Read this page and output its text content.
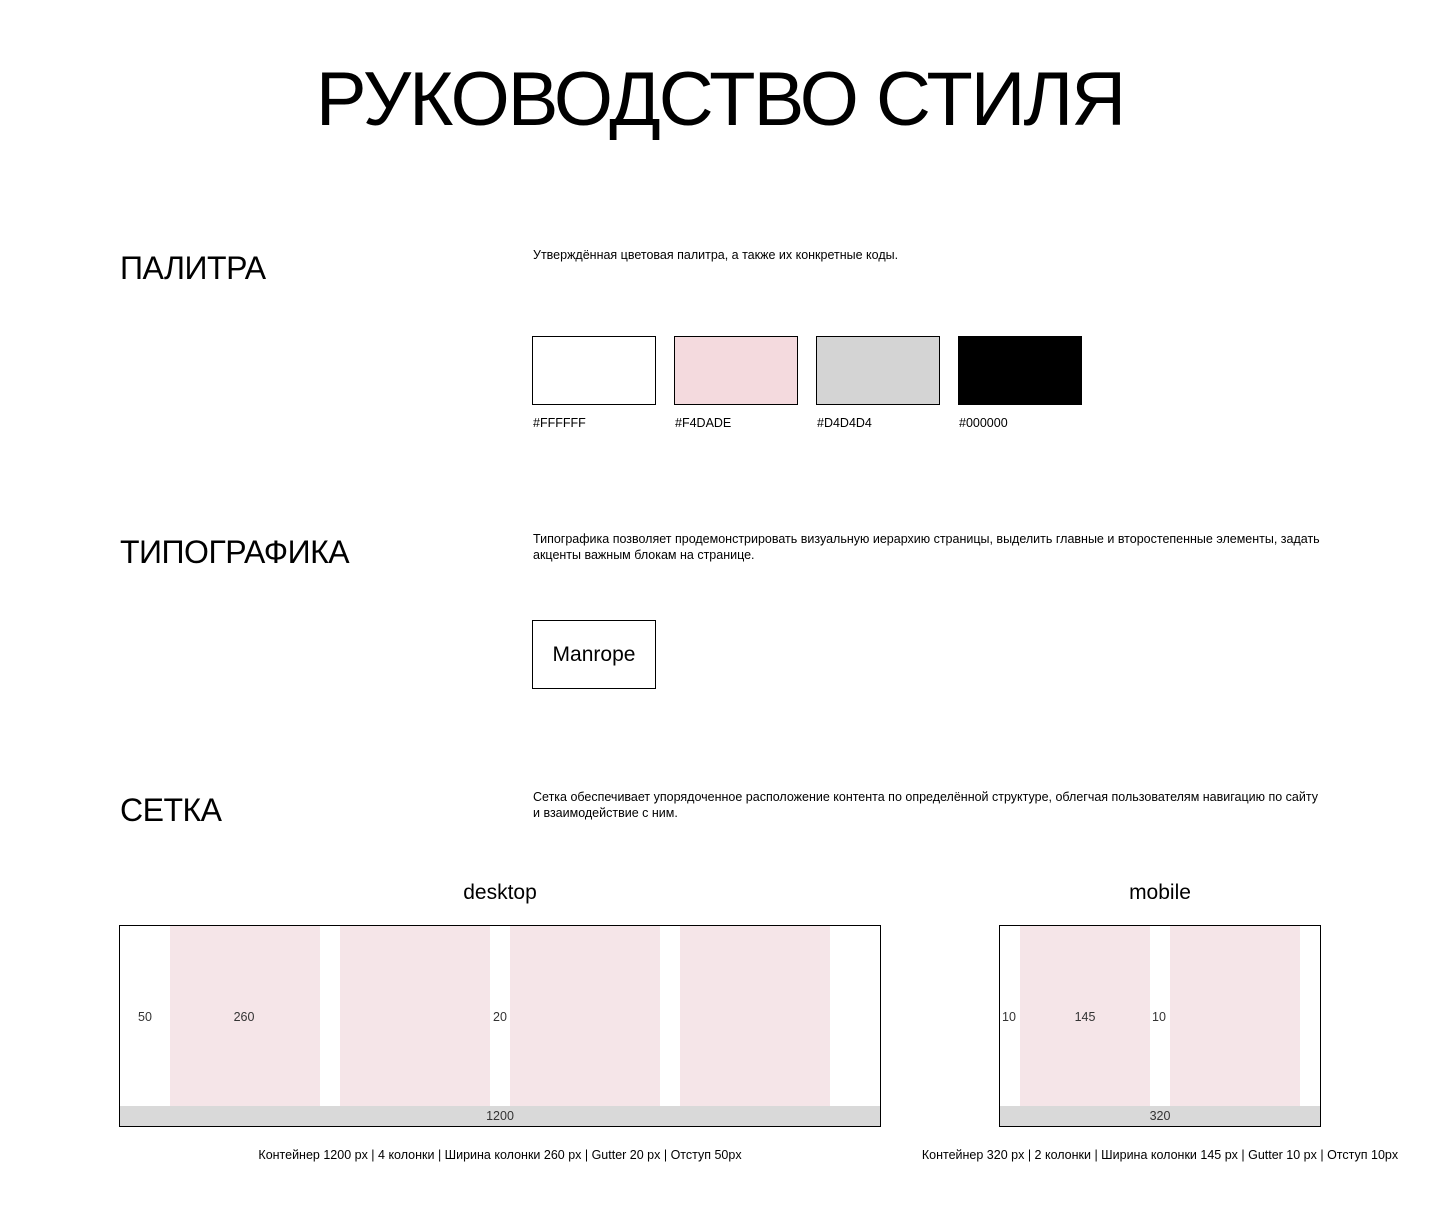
РУКОВОДСТВО СТИЛЯ
ПАЛИТРА	Утверждённая цветовая палитра, а также их конкретные коды.
#FFFFFF	#F4DADE	#D4D4D4	#000000
ТИПОГРАФИКА	Типографика позволяет продемонстрировать визуальную иерархию страницы, выделить главные и второстепенные элементы, задать акценты важным блокам на странице.
Manrope
СЕТКА	Сетка обеспечивает упорядоченное расположение контента по определённой структуре, облегчая пользователям навигацию по сайту и взаимодействие с ним.
desktop
1200
50	260	20
Контейнер 1200 px | 4 колонки | Ширина колонки 260 px | Gutter 20 px | Отступ 50px
mobile
320
10	145	10
Контейнер 320 px | 2 колонки | Ширина колонки 145 px | Gutter 10 px | Отступ 10px
